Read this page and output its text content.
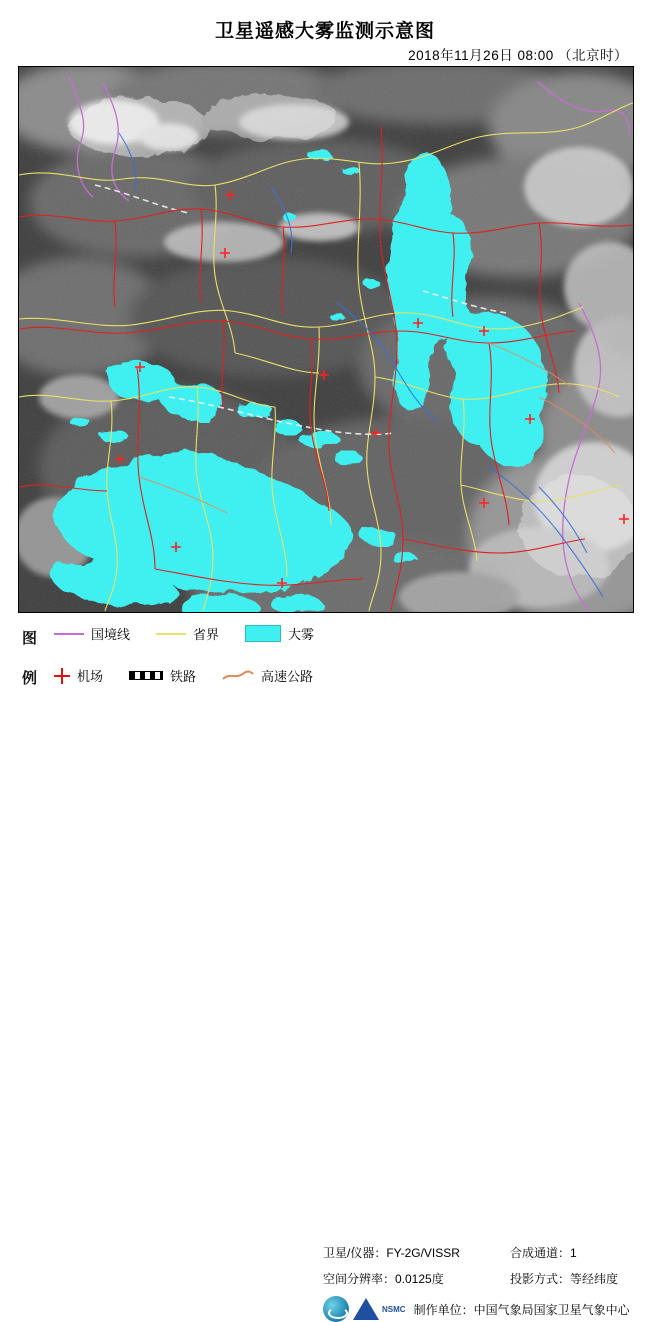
卫星遥感大雾监测示意图
2018年11月26日 08:00 （北京时）
图
例
国境线	省界	大雾
机场	铁路	高速公路
卫星/仪器：FY-2G/VISSR
空间分辨率：0.0125度
合成通道：1
投影方式：等经纬度
NSMC 制作单位：中国气象局国家卫星气象中心
